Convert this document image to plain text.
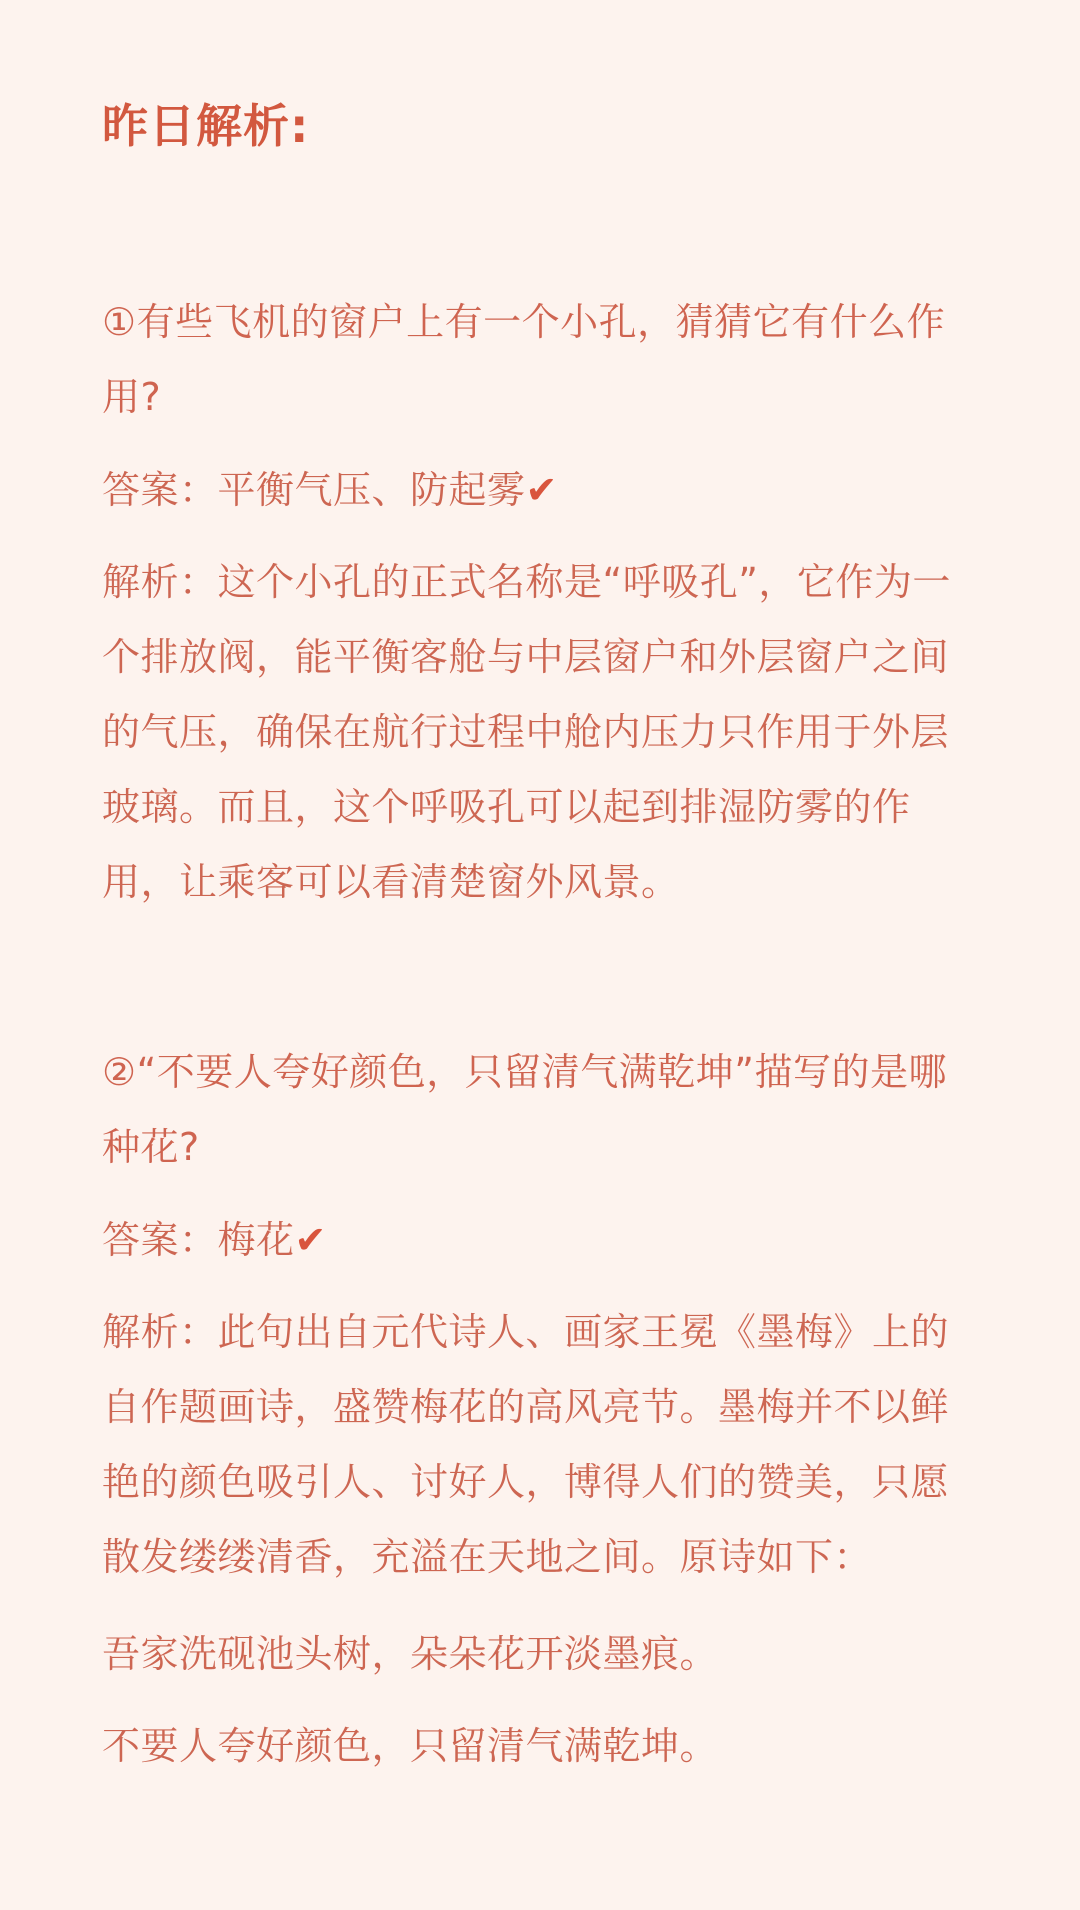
昨日解析:

①有些飞机的窗户上有一个小孔，猜猜它有什么作用?

答案：平衡气压、防起雾✔

解析：这个小孔的正式名称是“呼吸孔”，它作为一个排放阀，能平衡客舱与中层窗户和外层窗户之间的气压，确保在航行过程中舱内压力只作用于外层玻璃。而且，这个呼吸孔可以起到排湿防雾的作用，让乘客可以看清楚窗外风景。

②“不要人夸好颜色，只留清气满乾坤”描写的是哪种花?

答案：梅花✔

解析：此句出自元代诗人、画家王冕《墨梅》上的自作题画诗，盛赞梅花的高风亮节。墨梅并不以鲜艳的颜色吸引人、讨好人，博得人们的赞美，只愿散发缕缕清香，充溢在天地之间。原诗如下：

吾家洗砚池头树，朵朵花开淡墨痕。

不要人夸好颜色，只留清气满乾坤。
